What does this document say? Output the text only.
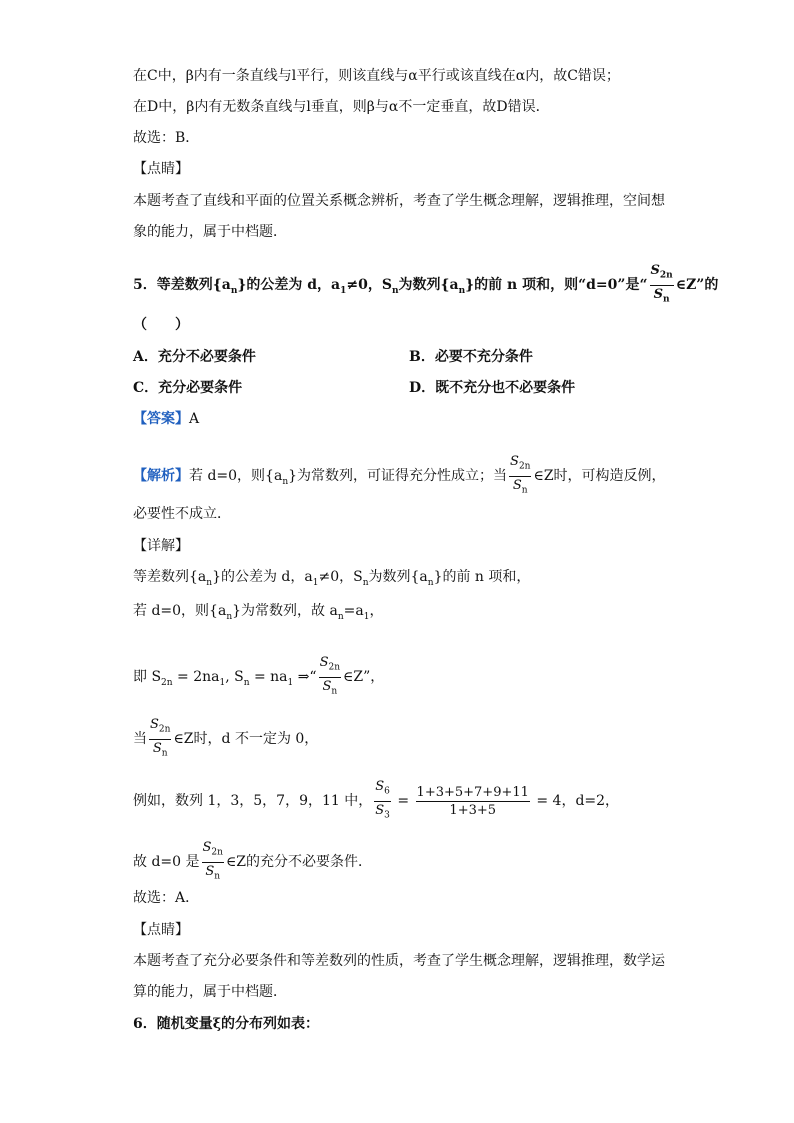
在C中，β内有一条直线与l平行，则该直线与α平行或该直线在α内，故C错误；
在D中，β内有无数条直线与l垂直，则β与α不一定垂直，故D错误．
故选：B．
【点睛】
本题考查了直线和平面的位置关系概念辨析，考查了学生概念理解，逻辑推理，空间想
象的能力，属于中档题．
5．等差数列$\{a_n\}$的公差为 d，$a_1\ne 0$，$S_n$为数列$\{a_n\}$的前 n 项和，则“d=0”是“ $\frac{S_{2n}}{S_n}$ ∈Z”的
（　　）
A．充分不必要条件	B．必要不充分条件
C．充分必要条件	D．既不充分也不必要条件
【答案】A
【解析】若 d=0，则$\{a_n\}$为常数列，可证得充分性成立；当 $\frac{S_{2n}}{S_n}$ ∈Z时，可构造反例，
必要性不成立．
【详解】
等差数列$\{a_n\}$的公差为 d，$a_1\ne 0$，$S_n$为数列$\{a_n\}$的前 n 项和，
若 d=0，则$\{a_n\}$为常数列，故 $a_n=a_1$，
即 $S_{2n} = 2na_1$, $S_n = na_1$ ⇒“ $\frac{S_{2n}}{S_n}$ ∈Z”，
当 $\frac{S_{2n}}{S_n}$ ∈Z时，d 不一定为 0，
例如，数列 1，3，5，7，9，11 中， $\frac{S_6}{S_3} = \frac{1+3+5+7+9+11}{1+3+5} = 4$，d=2，
故 d=0 是 $\frac{S_{2n}}{S_n}$ ∈Z的充分不必要条件．
故选：A．
【点睛】
本题考查了充分必要条件和等差数列的性质，考查了学生概念理解，逻辑推理，数学运
算的能力，属于中档题．
6．随机变量ξ的分布列如表：
